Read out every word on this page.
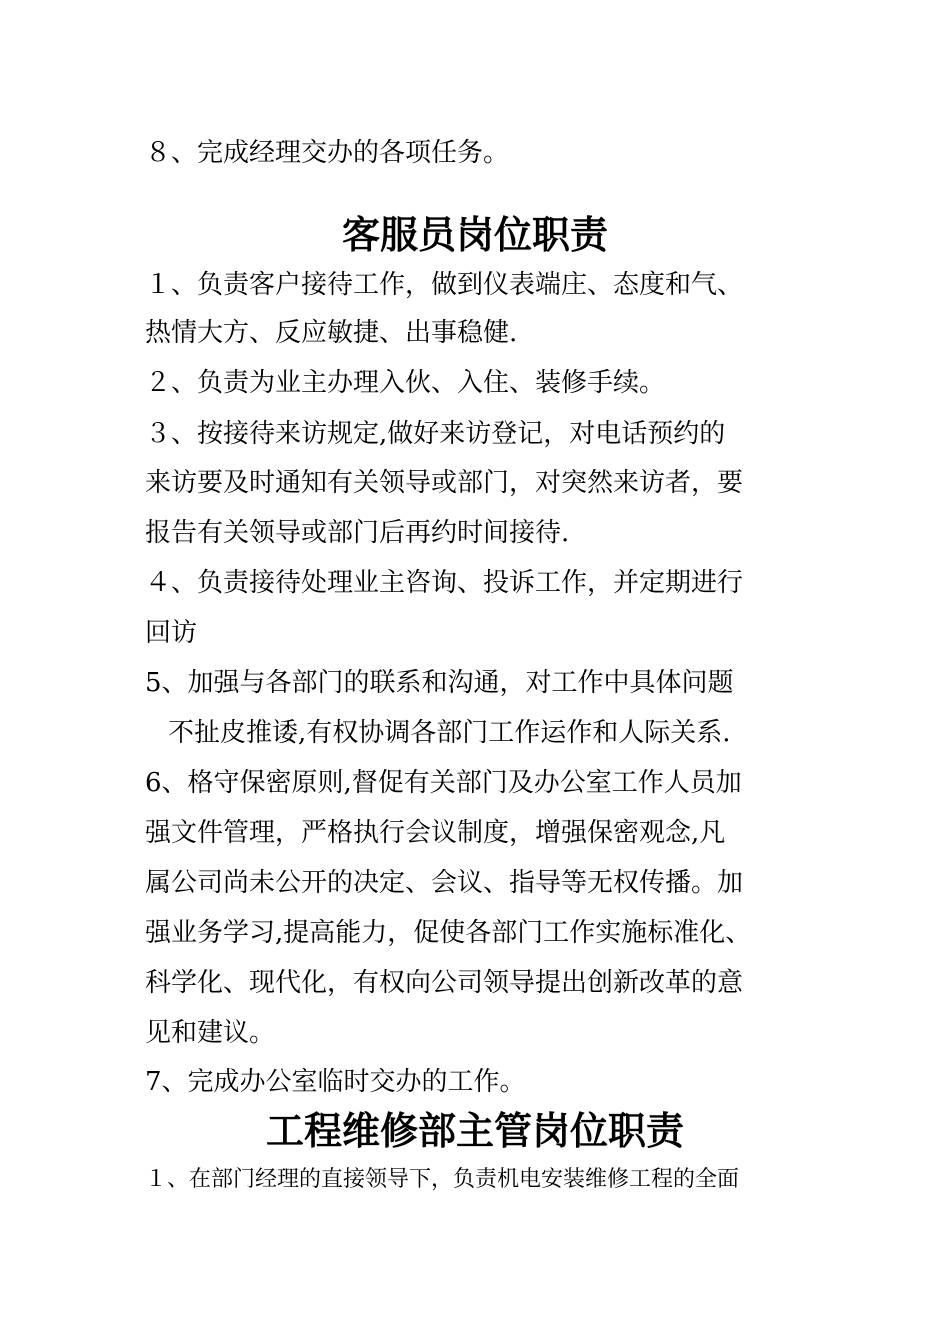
８、完成经理交办的各项任务。
客服员岗位职责
１、负责客户接待工作，做到仪表端庄、态度和气、
热情大方、反应敏捷、出事稳健.
２、负责为业主办理入伙、入住、装修手续。
３、按接待来访规定,做好来访登记，对电话预约的
来访要及时通知有关领导或部门，对突然来访者，要
报告有关领导或部门后再约时间接待.
４、负责接待处理业主咨询、投诉工作，并定期进行
回访
5、加强与各部门的联系和沟通，对工作中具体问题
不扯皮推诿,有权协调各部门工作运作和人际关系.
6、格守保密原则,督促有关部门及办公室工作人员加
强文件管理，严格执行会议制度，增强保密观念,凡
属公司尚未公开的决定、会议、指导等无权传播。加
强业务学习,提高能力，促使各部门工作实施标准化、
科学化、现代化，有权向公司领导提出创新改革的意
见和建议。
7、完成办公室临时交办的工作。
工程维修部主管岗位职责
１、在部门经理的直接领导下，负责机电安装维修工程的全面
